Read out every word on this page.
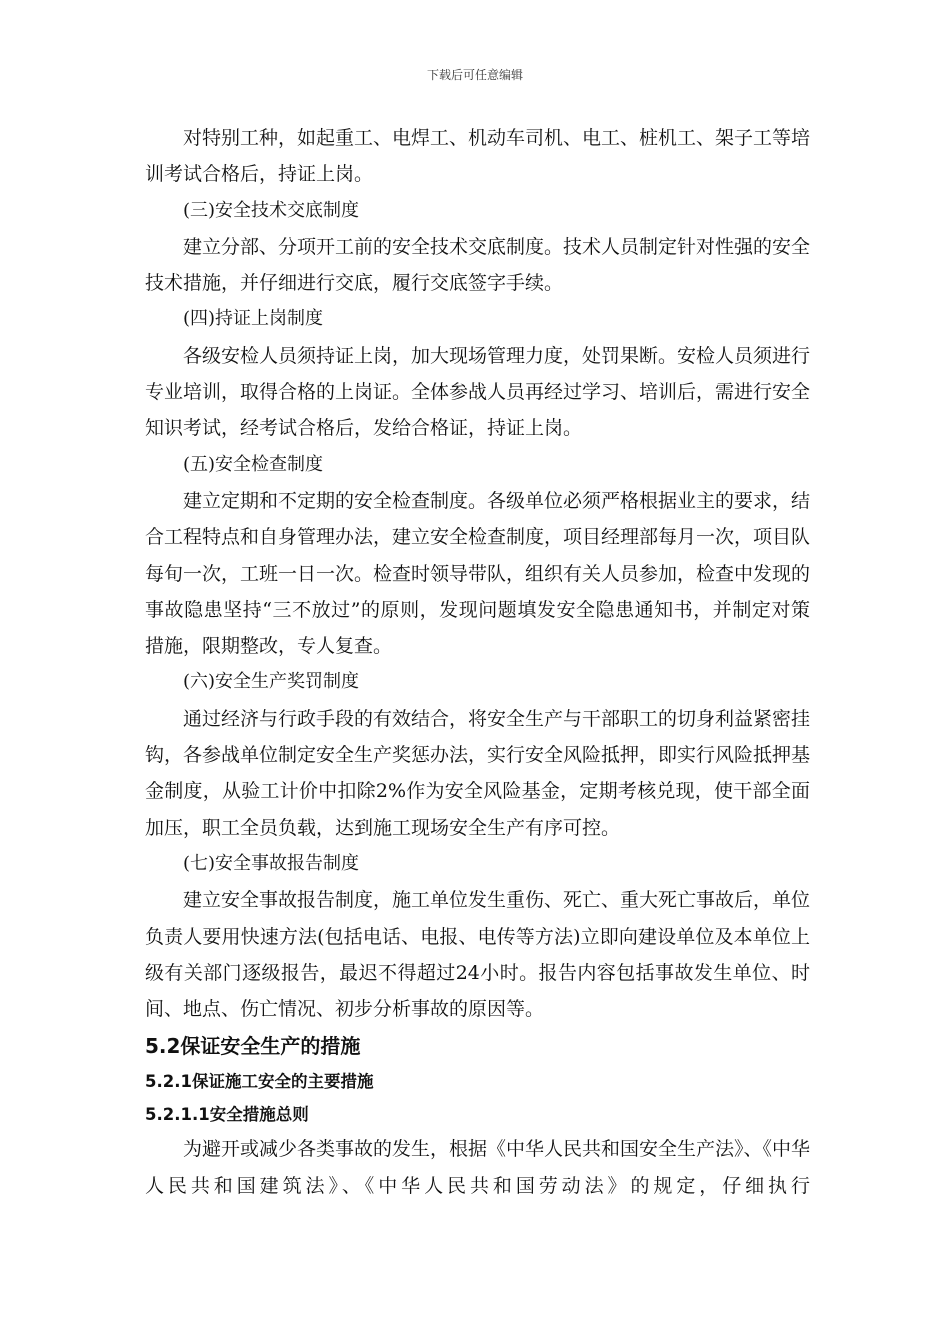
下载后可任意编辑

对特别工种，如起重工、电焊工、机动车司机、电工、桩机工、架子工等培训考试合格后，持证上岗。

(三)安全技术交底制度

建立分部、分项开工前的安全技术交底制度。技术人员制定针对性强的安全技术措施，并仔细进行交底，履行交底签字手续。

(四)持证上岗制度

各级安检人员须持证上岗，加大现场管理力度，处罚果断。安检人员须进行专业培训，取得合格的上岗证。全体参战人员再经过学习、培训后，需进行安全知识考试，经考试合格后，发给合格证，持证上岗。

(五)安全检查制度

建立定期和不定期的安全检查制度。各级单位必须严格根据业主的要求，结合工程特点和自身管理办法，建立安全检查制度，项目经理部每月一次，项目队每旬一次，工班一日一次。检查时领导带队，组织有关人员参加，检查中发现的事故隐患坚持“三不放过”的原则，发现问题填发安全隐患通知书，并制定对策措施，限期整改，专人复查。

(六)安全生产奖罚制度

通过经济与行政手段的有效结合，将安全生产与干部职工的切身利益紧密挂钩，各参战单位制定安全生产奖惩办法，实行安全风险抵押，即实行风险抵押基金制度，从验工计价中扣除2%作为安全风险基金，定期考核兑现，使干部全面加压，职工全员负载，达到施工现场安全生产有序可控。

(七)安全事故报告制度

建立安全事故报告制度，施工单位发生重伤、死亡、重大死亡事故后，单位负责人要用快速方法(包括电话、电报、电传等方法)立即向建设单位及本单位上级有关部门逐级报告，最迟不得超过24小时。报告内容包括事故发生单位、时间、地点、伤亡情况、初步分析事故的原因等。

5.2保证安全生产的措施
5.2.1保证施工安全的主要措施
5.2.1.1安全措施总则

为避开或减少各类事故的发生，根据《中华人民共和国安全生产法》、《中华人民共和国建筑法》、《中华人民共和国劳动法》的规定，仔细执行
